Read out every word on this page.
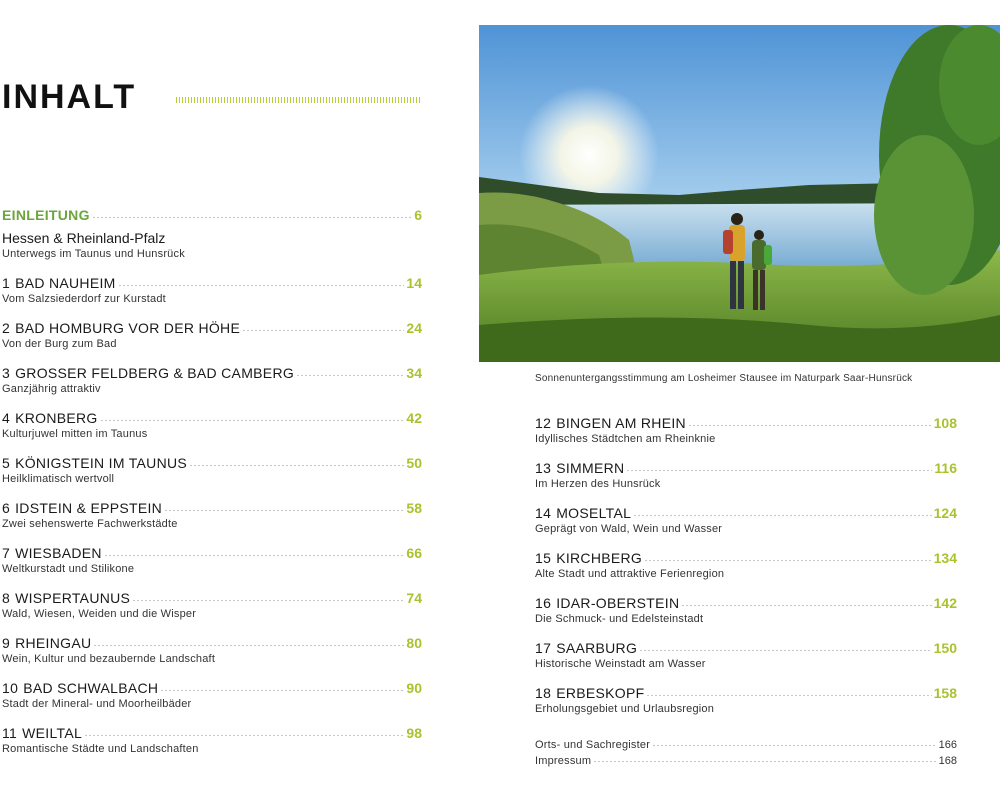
INHALT
EINLEITUNG	6
Hessen & Rheinland-Pfalz
Unterwegs im Taunus und Hunsrück
1 BAD NAUHEIM	14
Vom Salzsiederdorf zur Kurstadt
2 BAD HOMBURG VOR DER HÖHE	24
Von der Burg zum Bad
3 GROSSER FELDBERG & BAD CAMBERG	34
Ganzjährig attraktiv
4 KRONBERG	42
Kulturjuwel mitten im Taunus
5 KÖNIGSTEIN IM TAUNUS	50
Heilklimatisch wertvoll
6 IDSTEIN & EPPSTEIN	58
Zwei sehenswerte Fachwerkstädte
7 WIESBADEN	66
Weltkurstadt und Stilikone
8 WISPERTAUNUS	74
Wald, Wiesen, Weiden und die Wisper
9 RHEINGAU	80
Wein, Kultur und bezaubernde Landschaft
10 BAD SCHWALBACH	90
Stadt der Mineral- und Moorheilbäder
11 WEILTAL	98
Romantische Städte und Landschaften
Sonnenuntergangsstimmung am Losheimer Stausee im Naturpark Saar-Hunsrück
12 BINGEN AM RHEIN	108
Idyllisches Städtchen am Rheinknie
13 SIMMERN	116
Im Herzen des Hunsrück
14 MOSELTAL	124
Geprägt von Wald, Wein und Wasser
15 KIRCHBERG	134
Alte Stadt und attraktive Ferienregion
16 IDAR-OBERSTEIN	142
Die Schmuck- und Edelsteinstadt
17 SAARBURG	150
Historische Weinstadt am Wasser
18 ERBESKOPF	158
Erholungsgebiet und Urlaubsregion
Orts- und Sachregister	166
Impressum	168
